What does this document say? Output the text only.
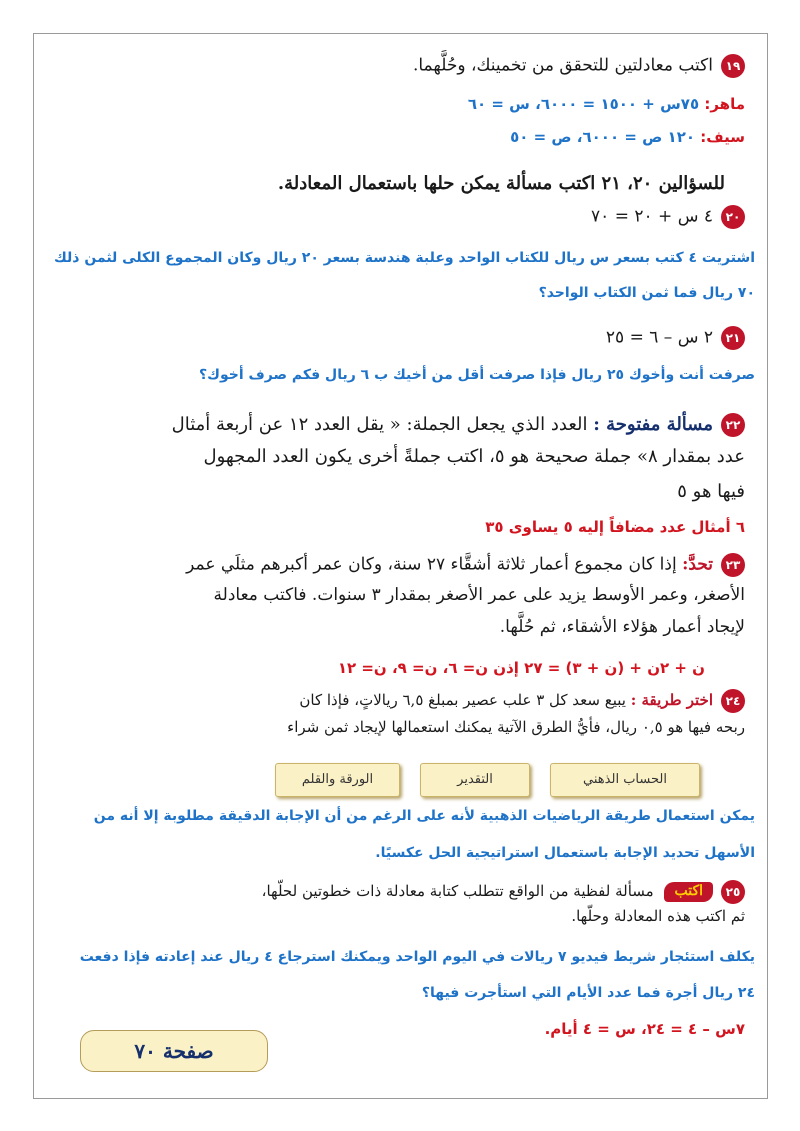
١٩اكتب معادلتين للتحقق من تخمينك، وحُلَّهما.
ماهر: ٧٥س + ١٥٠٠ = ٦٠٠٠، س = ٦٠
سيف: ١٢٠ ص = ٦٠٠٠، ص = ٥٠
للسؤالين ٢٠، ٢١ اكتب مسألة يمكن حلها باستعمال المعادلة.
٢٠٤ س + ٢٠ = ٧٠
اشتريت ٤ كتب بسعر س ريال للكتاب الواحد وعلبة هندسة بسعر ٢٠ ريال وكان المجموع الكلى لثمن ذلك
٧٠ ريال فما ثمن الكتاب الواحد؟
٢١٢ س – ٦ = ٢٥
صرفت أنت وأخوك ٢٥ ريال فإذا صرفت أقل من أخيك ب ٦ ريال فكم صرف أخوك؟
٢٢مسألة مفتوحة : العدد الذي يجعل الجملة: « يقل العدد ١٢ عن أربعة أمثال
عدد بمقدار ٨» جملة صحيحة هو ٥، اكتب جملةً أخرى يكون العدد المجهول
فيها هو ٥
٦ أمثال عدد مضافاً إليه ٥ يساوى ٣٥
٢٣تحدَّ: إذا كان مجموع أعمار ثلاثة أشقَّاء ٢٧ سنة، وكان عمر أكبرهم مثلَي عمر
الأصغر، وعمر الأوسط يزيد على عمر الأصغر بمقدار ٣ سنوات. فاكتب معادلة
لإيجاد أعمار هؤلاء الأشقاء، ثم حُلَّها.
ن + ٢ن + (ن + ٣) = ٢٧ إذن ن= ٦، ن= ٩، ن= ١٢
٢٤اختر طريقة : يبيع سعد كل ٣ علب عصير بمبلغ ٦,٥ ريالاتٍ، فإذا كان
ربحه فيها هو ٠,٥ ريال، فأيُّ الطرق الآتية يمكنك استعمالها لإيجاد ثمن شراء
الحساب الذهني
التقدير
الورقة والقلم
يمكن استعمال طريقة الرياضيات الذهبية لأنه على الرغم من أن الإجابة الدقيقة مطلوبة إلا أنه من
الأسهل تحديد الإجابة باستعمال استراتيجية الحل عكسيًا.
٢٥اكتب مسألة لفظية من الواقع تتطلب كتابة معادلة ذات خطوتين لحلّها،
ثم اكتب هذه المعادلة وحلّها.
يكلف استئجار شريط فيديو ٧ ريالات في اليوم الواحد ويمكنك استرجاع ٤ ريال عند إعادته فإذا دفعت
٢٤ ريال أجرة فما عدد الأيام التي استأجرت فيها؟
٧س – ٤ = ٢٤، س = ٤ أيام.
صفحة ٧٠
